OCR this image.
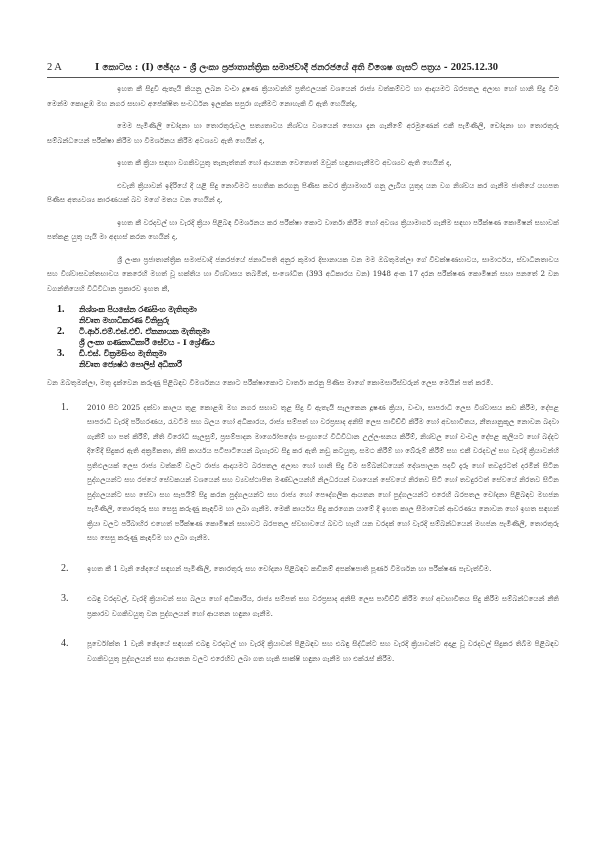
2 A	I කොටස : (I) ඡේදය - ශ්‍රී ලංකා ප්‍රජාතාන්ත්‍රික සමාජවාදී ජනරජයේ අති විශෙෂ ගැසට් පත්‍රය - 2025.12.30

ඉහත කී සිදුවී ඇතැයි කියනු ලබන වංචා දූෂණ ක්‍රියාවන්හි ප්‍රතිඵලයක් වශයෙන් රාජ්‍ය වත්කම්වට හා ආදායමට බරපතල අලාභ හෝ හානි සිදු වීම මෙන්ම කොළඹ මහ නගර සභාව අපේක්ෂිත සංවර්ධන ඉලක්ක සපුරා ගැනීමට නොහැකි වී ඇති හෙයින්ද,

මෙම පැමිණිලි චෝදනා හා තොරතුරුවල සත්‍යතාවය නිශ්චය වශයෙන් සොයා දැන ගැනීමේ අරමුණෙන් එකී පැමිණිලි, චෝදනා හා තොරතුරු සම්බන්ධයෙන් පරීක්ෂා කිරීම හා විමර්ශනය කිරීම අවශ්‍යව ඇති හෙයින් ද,

ඉහත කී ක්‍රියා සඳහා වගකිවයුතු තැනැත්තන් හෝ ආයතන වෙතොත් ඔවුන් හඳුනාගැනීමට අවශ්‍යව ඇති හෙයින් ද,

එවැනි ක්‍රියාවන් ඉදිරියේ දී යළි සිදු නොවීමට සහතික කරගනු පිණිස කවර ක්‍රියාමාර්ග ගනු ලැබිය යුතුද යන වග නිශ්චය කර ගැනීම ජාතියේ යහපත පිණිස අත්‍යවශ්‍ය කාරණයක් බව මගේ මතය වන හෙයින් ද,

ඉහත කී වරදවල් හා වැරදි ක්‍රියා පිළිබඳ විමර්ශනය කර පරීක්ෂා කොට වාර්තා කිරීම හෝ අවශ්‍ය ක්‍රියාමාර්ග ගැනීම සඳහා පරීක්ෂණ කොමිෂන් සභාවක් පත්කළ යුතු යැයි මා අදහස් කරන හෙයින් ද,

ශ්‍රී ලංකා ප්‍රජාතාන්ත්‍රික සමාජවාදී ජනරජයේ ජනාධිපති අනුර කුමාර දිසානායක වන මම ඔබතුමන්ලා ගේ විචක්ෂණභාවය, සාමාර්ථය, ස්වාධීනතාවය සහ විශ්වාසවන්තභාවය කෙරෙහි මහත් වූ භක්තිය හා විශ්වාසය තබමින්, සංශෝධිත (393 අධිකාරය වන) 1948 අංක 17 දරන පරීක්ෂණ කොමිෂන් සභා පනතේ 2 වන වගන්තියෙහි විධිවිධාන ප්‍රකාරව ඉහත කී,

1.	නිශ්ශංක පියසේන රණසිංහ මැතිතුමා
නිවෘත මහාධිකරණ විනිසුරු
2.	ටී.ආර්.එම්.එස්.එච්. ඒකනායක මැතිතුමා
ශ්‍රී ලංකා ගණකාධිකාරී සේවය - I ශ්‍රේණිය
3.	ඩී.එස්. වික්‍රමසිංහ මැතිතුමා
නිවෘත ජ්‍යෙෂ්ඨ පොලිස් අධිකාරී

වන ඔබතුමන්ලා, මතු දැක්වෙන කරුණු පිළිබඳව විමර්ශනය කොට පරීක්ෂාකොට වාර්තා කරනු පිණිස මාගේ කොමසාරිස්වරුන් ලෙස මෙයින් පත් කරමි.

1.	2010 සිට 2025 දක්වා කාලය තුළ කොළඹ මහ නගර සභාව තුළ සිදු වී ඇතැයි සැලකෙන දූෂණ ක්‍රියා, වංචා, සාපරාධී ලෙස විශ්වාසය කඩ කිරීම, දේපළ සාපරාධී වැරදි පරිහරණය, රැවටීම සහ බලය හෝ අධිකාරය, රාජ්‍ය සම්පත් හා වරප්‍රසාද අනිසි ලෙස පාවිච්චි කිරීම හෝ අවභාවිතය, නීත්‍යානුකූල නොවන බදවා ගැනීම් හා පත් කිරීම්, නීති විරෝධී සැලසුම්, ප්‍රසම්පාදන මාර්ගෝපදේශ සංග්‍රහයේ විධිවිධාන උල්ලංඝනය කිරීම්, නිශ්චල හෝ චංචල දේපළ කුලියට හෝ බද්දට දීමේදී සිදුකර ඇති අක්‍රමිකතා, නිසි කාර්යය පටිපාටියෙන් බැහැරව සිදු කර ඇති නඩු කටයුතු, සමථ කිරීම් හා බේරුම් කිරීම් සහ එකී වරදවල් සහ වැරදි ක්‍රියාවන්හි ප්‍රතිඵලයක් ලෙස රාජ්‍ය වත්කම් වලට රාජ්‍ය ආදායමට බරපතල අලාභ හෝ හානි සිදු වීම සම්බන්ධයෙන් දේශපාලන පදවි දැරූ හෝ තවදුරටත් දරමින් සිටින පුද්ගලයන්ට සහ රජයේ සේවකයන් වශයෙන් සහ ව්‍යවස්ථාපිත මණ්ඩලයන්හි නිලධරයන් වශයෙන් සේවයේ නිරතව සිටි හෝ තවදුරටත් සේවයේ නිරතව සිටින පුද්ගලයන්ට සහ සේවා සහ සැපයීම් සිදු කරන පුද්ගලයන්ට සහ රාජ්‍ය හෝ පෞද්ගලික ආයතන හෝ පුද්ගලයන්ට එරෙහි බරපතල චෝදනා පිළිබඳව මහජන පැමිණිලි, තොරතුරු සහ සෙසු කරුණු කැඳවීම හා ලබා ගැනීම. මෙකී කාර්යය සිදු කරගෙන යාමේ දී ඉහත කාල සීමාවෙන් ආවරණය නොවන හෝ ඉහත සඳහන් ක්‍රියා වලට පරිබාහිර එහෙත් පරීක්ෂණ කොමිෂන් සභාවට බරපතල ස්වභාවයේ බවට හැඟී යන වරදක් හෝ වැරදි සම්බන්ධයෙන් මහජන පැමිණිලි, තොරතුරු සහ සෙසු කරුණු කැඳවීම හා ලබා ගැනීම.

2.	ඉහත කී 1 වැනි ඡේදයේ සඳහන් පැමිණිලි, තොරතුරු සහ චෝදනා පිළිබඳව කඩිනම් අපක්ෂපාති පූර්ණ විමර්ශන හා පරීක්ෂණ පැවැත්වීම.

3.	එබඳු වරදවල්, වැරදි ක්‍රියාවන් සහ බලය හෝ අධිකාරිය, රාජ්‍ය සම්පත් සහ වරප්‍රසාද අනිසි ලෙස පාවිච්චි කිරීම හෝ අවභාවිතය සිදු කිරීම සම්බන්ධයෙන් නීති ප්‍රකාරව වගකිවයුතු වන පුද්ගලයන් හෝ ආයතන හඳුනා ගැනීම.

4.	පූර්වෝක්ත 1 වැනි ඡේදයේ සඳහන් එබඳු වරදවල් හා වැරදි ක්‍රියාවන් පිළිබඳව සහ එබඳු සිද්ධීන්ට සහ වැරදි ක්‍රියාවන්ට අදාළ වූ වරදවල් සිදුකර තිබීම පිළිබඳව වගකිවයුතු පුද්ගලයන් සහ ආයතන වලට එරෙහිව ලබා ගත හැකි සාක්ෂි හඳුනා ගැනීම හා එක්රැස් කිරීම.
